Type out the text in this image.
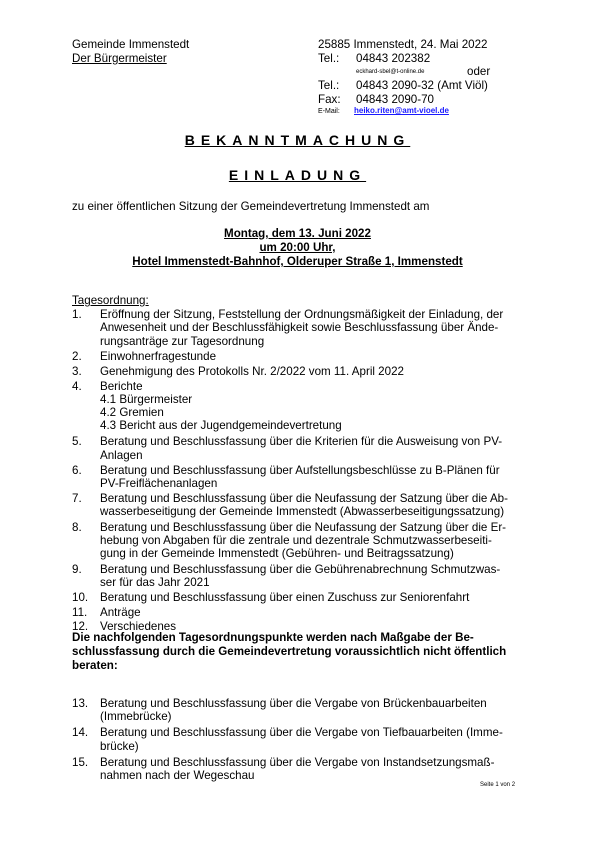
Gemeinde Immenstedt
Der Bürgermeister
25885 Immenstedt, 24. Mai 2022
Tel.: 04843 202382
eckhard-sbel@t-online.de	oder
Tel.: 04843 2090-32 (Amt Viöl)
Fax: 04843 2090-70
E-Mail: heiko.riten@amt-vioel.de
BEKANNTMACHUNG
EINLADUNG
zu einer öffentlichen Sitzung der Gemeindevertretung Immenstedt am
Montag, dem 13. Juni 2022
um 20:00 Uhr,
Hotel Immenstedt-Bahnhof, Olderuper Straße 1, Immenstedt
Tagesordnung:
1.	Eröffnung der Sitzung, Feststellung der Ordnungsmäßigkeit der Einladung, der
Anwesenheit und der Beschlussfähigkeit sowie Beschlussfassung über Ände-
rungsanträge zur Tagesordnung
2.	Einwohnerfragestunde
3.	Genehmigung des Protokolls Nr. 2/2022 vom 11. April 2022
4.	Berichte
4.1 Bürgermeister
4.2 Gremien
4.3 Bericht aus der Jugendgemeindevertretung
5.	Beratung und Beschlussfassung über die Kriterien für die Ausweisung von PV-
Anlagen
6.	Beratung und Beschlussfassung über Aufstellungsbeschlüsse zu B-Plänen für
PV-Freiflächenanlagen
7.	Beratung und Beschlussfassung über die Neufassung der Satzung über die Ab-
wasserbeseitigung der Gemeinde Immenstedt (Abwasserbeseitigungssatzung)
8.	Beratung und Beschlussfassung über die Neufassung der Satzung über die Er-
hebung von Abgaben für die zentrale und dezentrale Schmutzwasserbeseiti-
gung in der Gemeinde Immenstedt (Gebühren- und Beitragssatzung)
9.	Beratung und Beschlussfassung über die Gebührenabrechnung Schmutzwas-
ser für das Jahr 2021
10.	Beratung und Beschlussfassung über einen Zuschuss zur Seniorenfahrt
11.	Anträge
12.	Verschiedenes
Die nachfolgenden Tagesordnungspunkte werden nach Maßgabe der Be-
schlussfassung durch die Gemeindevertretung voraussichtlich nicht öffentlich
beraten:
13.	Beratung und Beschlussfassung über die Vergabe von Brückenbauarbeiten
(Immebrücke)
14.	Beratung und Beschlussfassung über die Vergabe von Tiefbauarbeiten (Imme-
brücke)
15.	Beratung und Beschlussfassung über die Vergabe von Instandsetzungsmaß-
nahmen nach der Wegeschau
Seite 1 von 2
